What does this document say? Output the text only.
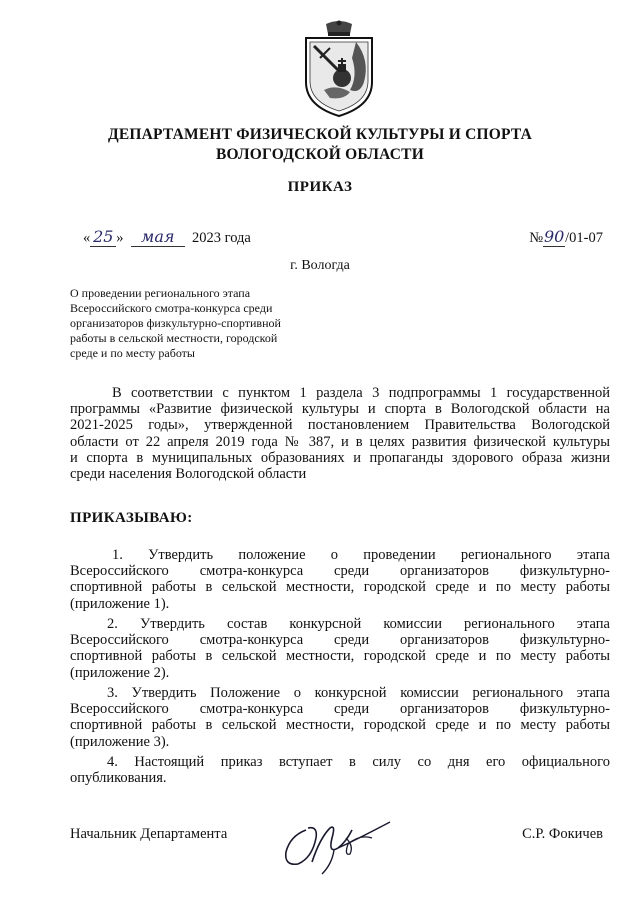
ДЕПАРТАМЕНТ ФИЗИЧЕСКОЙ КУЛЬТУРЫ И СПОРТА
ВОЛОГОДСКОЙ ОБЛАСТИ
ПРИКАЗ
« 25 » мая 2023 года	№90/01-07
г. Вологда
О проведении регионального этапа
Всероссийского смотра-конкурса среди
организаторов физкультурно-спортивной
работы в сельской местности, городской
среде и по месту работы
В соответствии с пунктом 1 раздела 3 подпрограммы 1 государственной
программы «Развитие физической культуры и спорта в Вологодской области на
2021-2025 годы», утвержденной постановлением Правительства Вологодской
области от 22 апреля 2019 года № 387, и в целях развития физической культуры
и спорта в муниципальных образованиях и пропаганды здорового образа жизни
среди населения Вологодской области
ПРИКАЗЫВАЮ:
1. Утвердить положение о проведении регионального этапа
Всероссийского смотра-конкурса среди организаторов физкультурно-
спортивной работы в сельской местности, городской среде и по месту работы
(приложение 1).
2. Утвердить состав конкурсной комиссии регионального этапа
Всероссийского смотра-конкурса среди организаторов физкультурно-
спортивной работы в сельской местности, городской среде и по месту работы
(приложение 2).
3. Утвердить Положение о конкурсной комиссии регионального этапа
Всероссийского смотра-конкурса среди организаторов физкультурно-
спортивной работы в сельской местности, городской среде и по месту работы
(приложение 3).
4. Настоящий приказ вступает в силу со дня его официального
опубликования.
Начальник Департамента	С.Р. Фокичев
